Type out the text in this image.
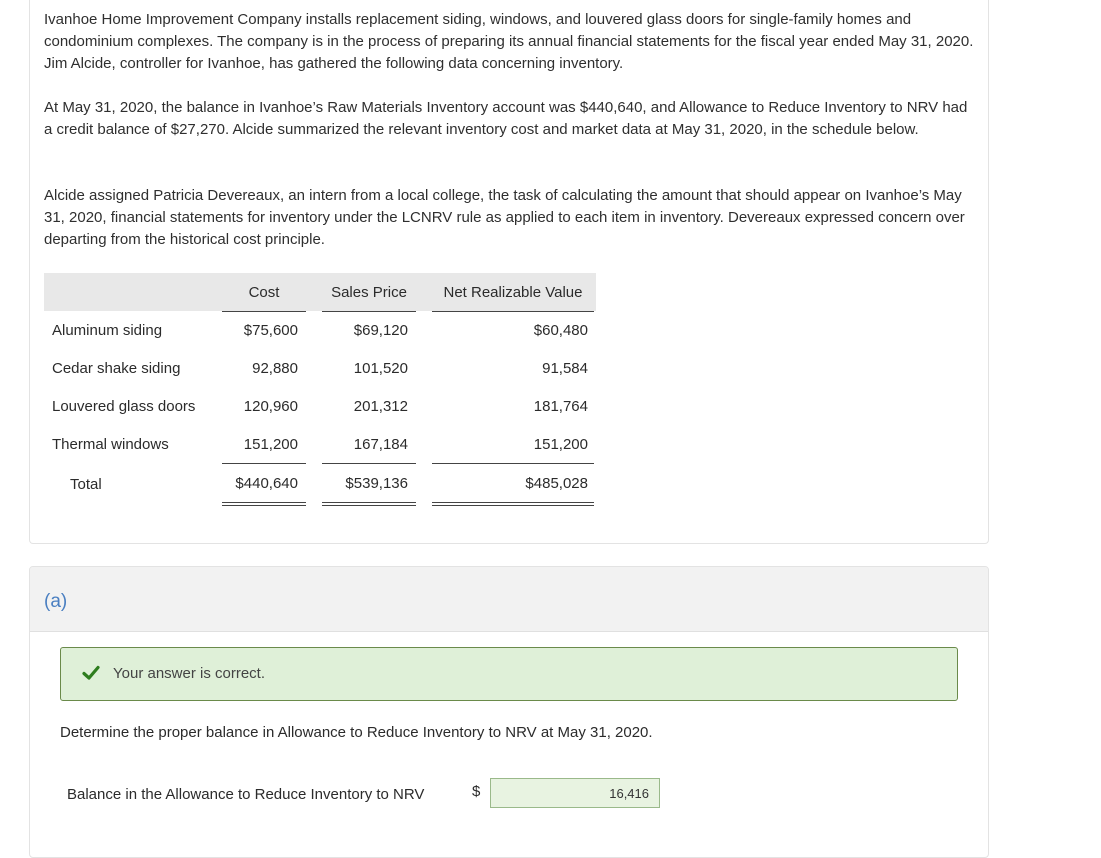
Ivanhoe Home Improvement Company installs replacement siding, windows, and louvered glass doors for single-family homes and condominium complexes. The company is in the process of preparing its annual financial statements for the fiscal year ended May 31, 2020. Jim Alcide, controller for Ivanhoe, has gathered the following data concerning inventory.
At May 31, 2020, the balance in Ivanhoe’s Raw Materials Inventory account was $440,640, and Allowance to Reduce Inventory to NRV had a credit balance of $27,270. Alcide summarized the relevant inventory cost and market data at May 31, 2020, in the schedule below.
Alcide assigned Patricia Devereaux, an intern from a local college, the task of calculating the amount that should appear on Ivanhoe’s May 31, 2020, financial statements for inventory under the LCNRV rule as applied to each item in inventory. Devereaux expressed concern over departing from the historical cost principle.
Cost	Sales Price	Net Realizable Value
Aluminum siding	$75,600	$69,120	$60,480
Cedar shake siding	92,880	101,520	91,584
Louvered glass doors	120,960	201,312	181,764
Thermal windows	151,200	167,184	151,200
Total	$440,640	$539,136	$485,028
(a)
Your answer is correct.
Determine the proper balance in Allowance to Reduce Inventory to NRV at May 31, 2020.
Balance in the Allowance to Reduce Inventory to NRV	$	16,416
